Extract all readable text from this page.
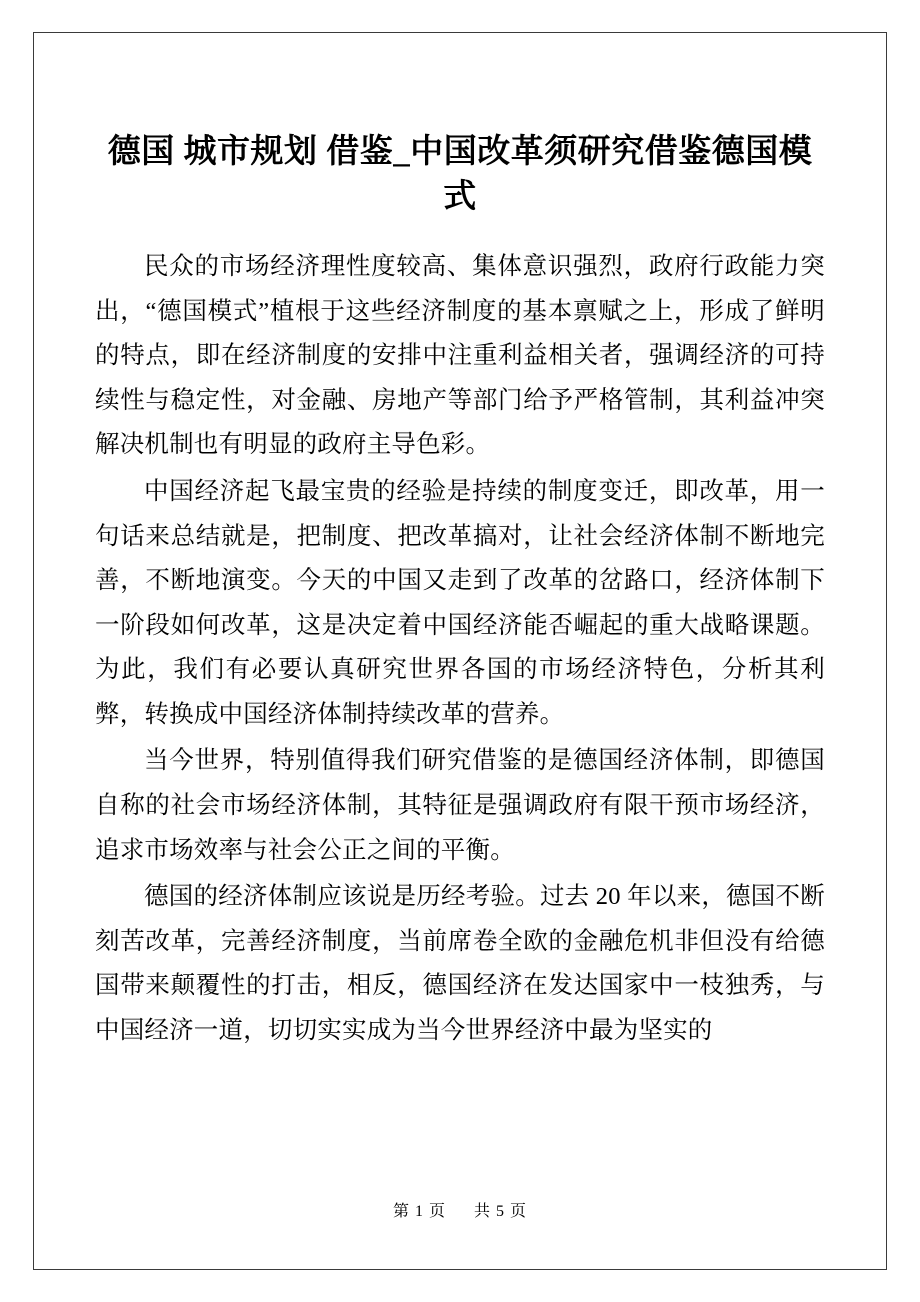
德国 城市规划 借鉴_中国改革须研究借鉴德国模式

民众的市场经济理性度较高、集体意识强烈，政府行政能力突出，“德国模式”植根于这些经济制度的基本禀赋之上，形成了鲜明的特点，即在经济制度的安排中注重利益相关者，强调经济的可持续性与稳定性，对金融、房地产等部门给予严格管制，其利益冲突解决机制也有明显的政府主导色彩。

中国经济起飞最宝贵的经验是持续的制度变迁，即改革，用一句话来总结就是，把制度、把改革搞对，让社会经济体制不断地完善，不断地演变。今天的中国又走到了改革的岔路口，经济体制下一阶段如何改革，这是决定着中国经济能否崛起的重大战略课题。为此，我们有必要认真研究世界各国的市场经济特色，分析其利弊，转换成中国经济体制持续改革的营养。

当今世界，特别值得我们研究借鉴的是德国经济体制，即德国自称的社会市场经济体制，其特征是强调政府有限干预市场经济，追求市场效率与社会公正之间的平衡。

德国的经济体制应该说是历经考验。过去 20 年以来，德国不断刻苦改革，完善经济制度，当前席卷全欧的金融危机非但没有给德国带来颠覆性的打击，相反，德国经济在发达国家中一枝独秀，与中国经济一道，切切实实成为当今世界经济中最为坚实的

第 1 页 共 5 页
